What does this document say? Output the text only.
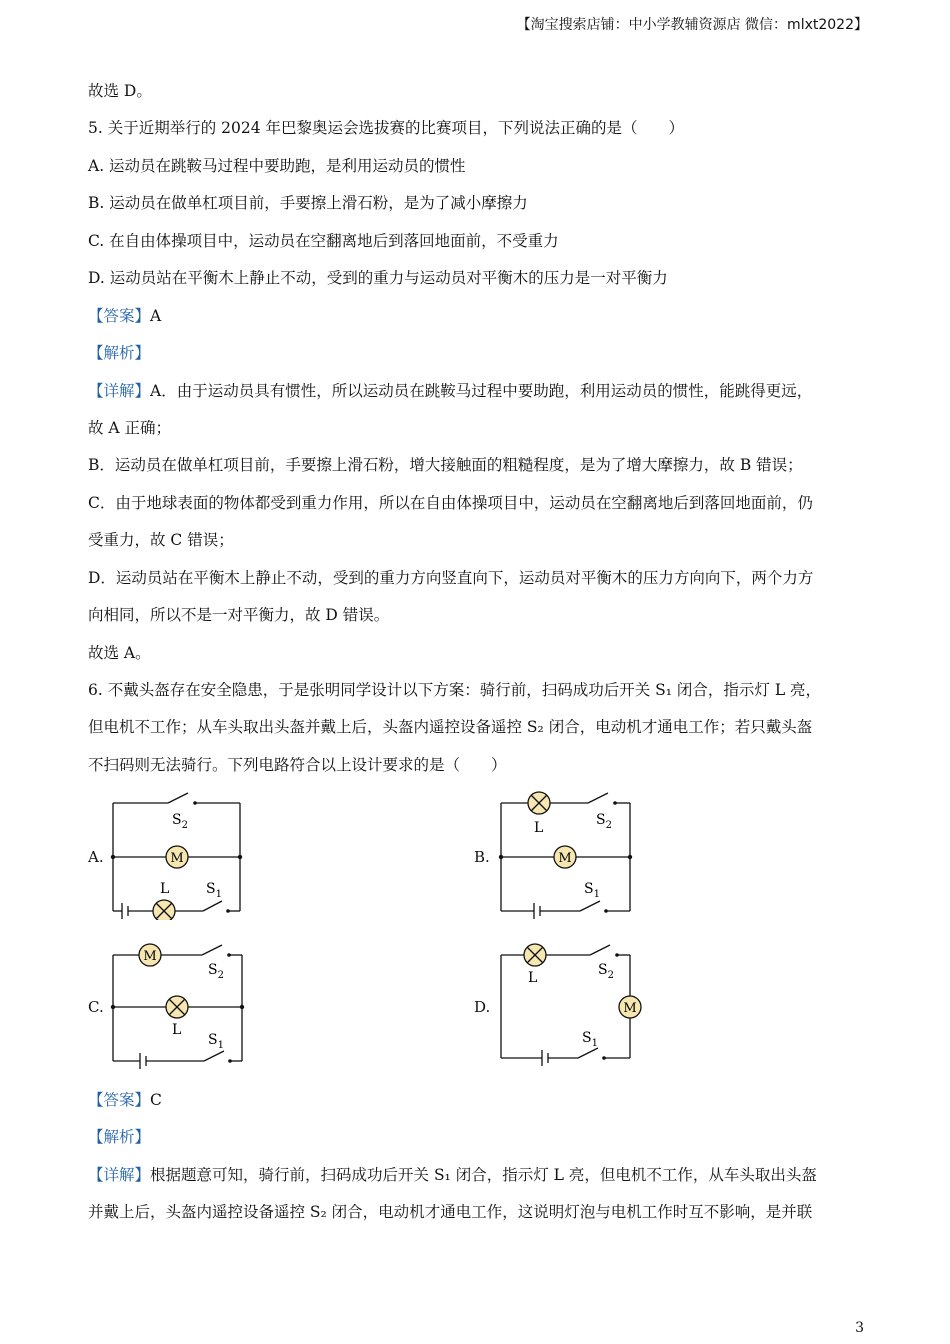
【淘宝搜索店铺：中小学教辅资源店 微信：mlxt2022】
故选 D。
5. 关于近期举行的 2024 年巴黎奥运会选拔赛的比赛项目，下列说法正确的是（　　）
A. 运动员在跳鞍马过程中要助跑，是利用运动员的惯性
B. 运动员在做单杠项目前，手要擦上滑石粉，是为了减小摩擦力
C. 在自由体操项目中，运动员在空翻离地后到落回地面前，不受重力
D. 运动员站在平衡木上静止不动，受到的重力与运动员对平衡木的压力是一对平衡力
【答案】A
【解析】
【详解】A．由于运动员具有惯性，所以运动员在跳鞍马过程中要助跑，利用运动员的惯性，能跳得更远，
故 A 正确；
B．运动员在做单杠项目前，手要擦上滑石粉，增大接触面的粗糙程度，是为了增大摩擦力，故 B 错误；
C．由于地球表面的物体都受到重力作用，所以在自由体操项目中，运动员在空翻离地后到落回地面前，仍
受重力，故 C 错误；
D．运动员站在平衡木上静止不动，受到的重力方向竖直向下，运动员对平衡木的压力方向向下，两个力方
向相同，所以不是一对平衡力，故 D 错误。
故选 A。
6. 不戴头盔存在安全隐患，于是张明同学设计以下方案：骑行前，扫码成功后开关 S₁ 闭合，指示灯 L 亮，
但电机不工作；从车头取出头盔并戴上后，头盔内遥控设备遥控 S₂ 闭合，电动机才通电工作；若只戴头盔
不扫码则无法骑行。下列电路符合以上设计要求的是（　　）
A.	B.
C.	D.
M
$S_2$
L	$S_1$
M
L	$S_2$
$S_1$
M
$S_2$
L
$S_1$
M
L	$S_2$
$S_1$
【答案】C
【解析】
【详解】根据题意可知，骑行前，扫码成功后开关 S₁ 闭合，指示灯 L 亮，但电机不工作，从车头取出头盔
并戴上后，头盔内遥控设备遥控 S₂ 闭合，电动机才通电工作，这说明灯泡与电机工作时互不影响，是并联
3
